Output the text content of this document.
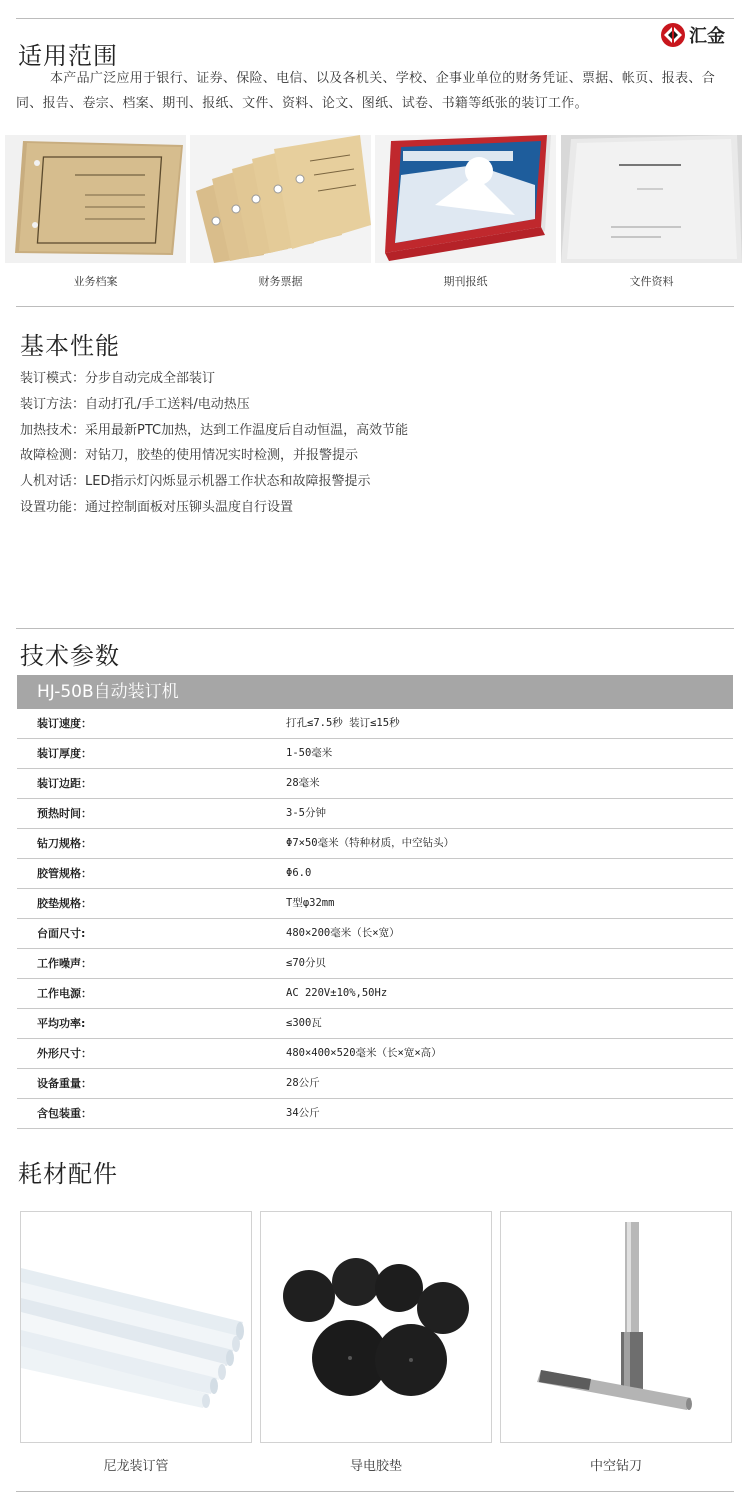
适用范围
汇金

本产品广泛应用于银行、证券、保险、电信、以及各机关、学校、企事业单位的财务凭证、票据、帐页、报表、合同、报告、卷宗、档案、期刊、报纸、文件、资料、论文、图纸、试卷、书籍等纸张的装订工作。

业务档案	财务票据	期刊报纸	文件资料
基本性能
装订模式：分步自动完成全部装订
装订方法：自动打孔/手工送料/电动热压
加热技术：采用最新PTC加热，达到工作温度后自动恒温，高效节能
故障检测：对钻刀，胶垫的使用情况实时检测，并报警提示
人机对话：LED指示灯闪烁显示机器工作状态和故障报警提示
设置功能：通过控制面板对压铆头温度自行设置
技术参数
HJ-50B自动装订机
装订速度：	打孔≤7.5秒 装订≤15秒
装订厚度：	1-50毫米
装订边距：	28毫米
预热时间：	3-5分钟
钻刀规格：	Φ7×50毫米（特种材质，中空钻头）
胶管规格：	Φ6.0
胶垫规格：	T型φ32mm
台面尺寸:	480×200毫米（长×宽）
工作噪声：	≤70分贝
工作电源：	AC 220V±10%,50Hz
平均功率:	≤300瓦
外形尺寸：	480×400×520毫米（长×宽×高）
设备重量：	28公斤
含包装重：	34公斤
耗材配件
尼龙装订管	导电胶垫	中空钻刀
